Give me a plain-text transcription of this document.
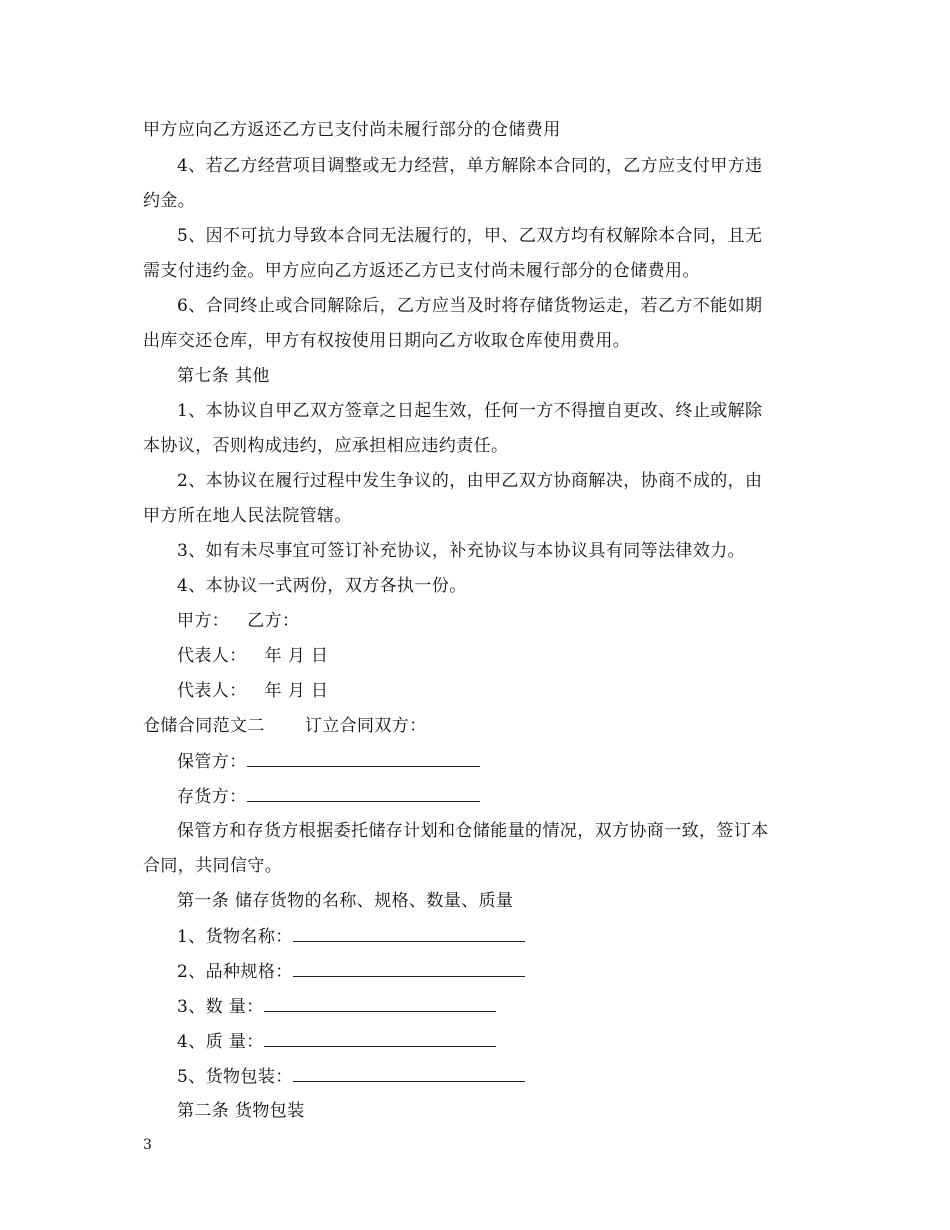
甲方应向乙方返还乙方已支付尚未履行部分的仓储费用
4、若乙方经营项目调整或无力经营，单方解除本合同的，乙方应支付甲方违
约金。
5、因不可抗力导致本合同无法履行的，甲、乙双方均有权解除本合同，且无
需支付违约金。甲方应向乙方返还乙方已支付尚未履行部分的仓储费用。
6、合同终止或合同解除后，乙方应当及时将存储货物运走，若乙方不能如期
出库交还仓库，甲方有权按使用日期向乙方收取仓库使用费用。
第七条 其他
1、本协议自甲乙双方签章之日起生效，任何一方不得擅自更改、终止或解除
本协议，否则构成违约，应承担相应违约责任。
2、本协议在履行过程中发生争议的，由甲乙双方协商解决，协商不成的，由
甲方所在地人民法院管辖。
3、如有未尽事宜可签订补充协议，补充协议与本协议具有同等法律效力。
4、本协议一式两份，双方各执一份。
甲方： 乙方：
代表人： 年 月 日
代表人： 年 月 日
仓储合同范文二 订立合同双方：
保管方：
存货方：
保管方和存货方根据委托储存计划和仓储能量的情况，双方协商一致，签订本
合同，共同信守。
第一条 储存货物的名称、规格、数量、质量
1、货物名称：
2、品种规格：
3、数 量：
4、质 量：
5、货物包装：
第二条 货物包装
3
